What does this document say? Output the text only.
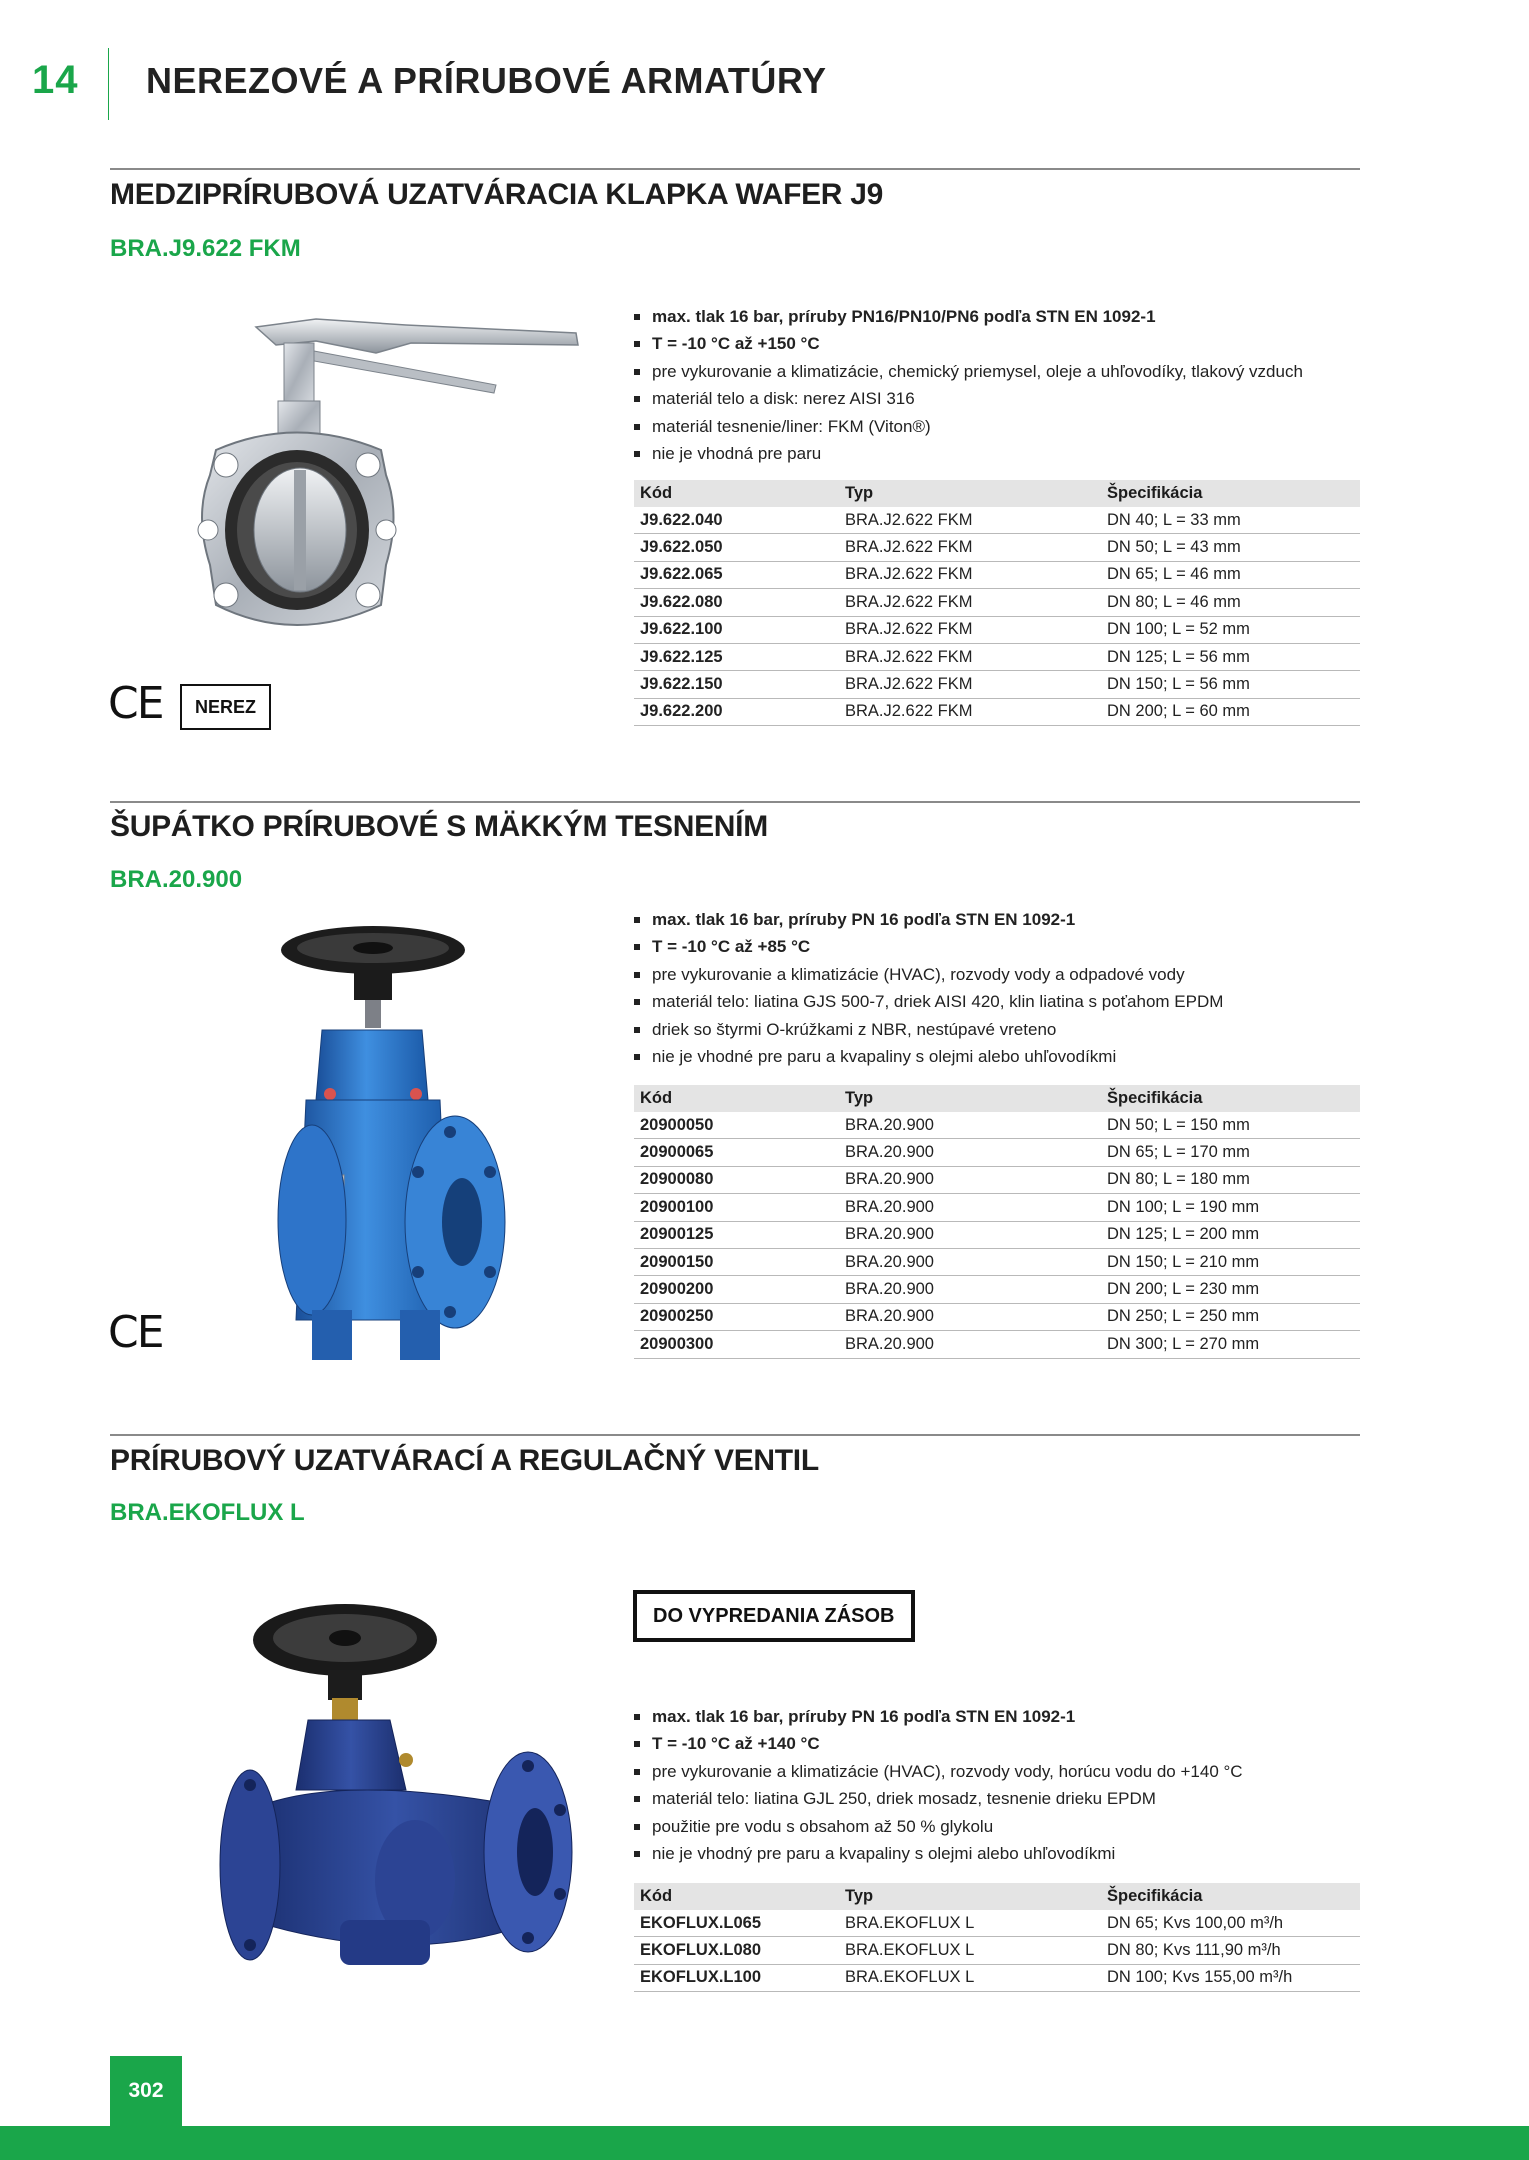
14 NEREZOVÉ A PRÍRUBOVÉ ARMATÚRY
MEDZIPRÍRUBOVÁ UZATVÁRACIA KLAPKA WAFER J9
BRA.J9.622 FKM
CE	NEREZ
max. tlak 16 bar, príruby PN16/PN10/PN6 podľa STN EN 1092-1
T = -10 °C až +150 °C
pre vykurovanie a klimatizácie, chemický priemysel, oleje a uhľovodíky, tlakový vzduch
materiál telo a disk: nerez AISI 316
materiál tesnenie/liner: FKM (Viton®)
nie je vhodná pre paru
Kód	Typ	Špecifikácia
J9.622.040	BRA.J2.622 FKM	DN 40; L = 33 mm
J9.622.050	BRA.J2.622 FKM	DN 50; L = 43 mm
J9.622.065	BRA.J2.622 FKM	DN 65; L = 46 mm
J9.622.080	BRA.J2.622 FKM	DN 80; L = 46 mm
J9.622.100	BRA.J2.622 FKM	DN 100; L = 52 mm
J9.622.125	BRA.J2.622 FKM	DN 125; L = 56 mm
J9.622.150	BRA.J2.622 FKM	DN 150; L = 56 mm
J9.622.200	BRA.J2.622 FKM	DN 200; L = 60 mm
ŠUPÁTKO PRÍRUBOVÉ S MÄKKÝM TESNENÍM
BRA.20.900
CE
max. tlak 16 bar, príruby PN 16 podľa STN EN 1092-1
T = -10 °C až +85 °C
pre vykurovanie a klimatizácie (HVAC), rozvody vody a odpadové vody
materiál telo: liatina GJS 500-7, driek AISI 420, klin liatina s poťahom EPDM
driek so štyrmi O-krúžkami z NBR, nestúpavé vreteno
nie je vhodné pre paru a kvapaliny s olejmi alebo uhľovodíkmi
Kód	Typ	Špecifikácia
20900050	BRA.20.900	DN 50; L = 150 mm
20900065	BRA.20.900	DN 65; L = 170 mm
20900080	BRA.20.900	DN 80; L = 180 mm
20900100	BRA.20.900	DN 100; L = 190 mm
20900125	BRA.20.900	DN 125; L = 200 mm
20900150	BRA.20.900	DN 150; L = 210 mm
20900200	BRA.20.900	DN 200; L = 230 mm
20900250	BRA.20.900	DN 250; L = 250 mm
20900300	BRA.20.900	DN 300; L = 270 mm
PRÍRUBOVÝ UZATVÁRACÍ A REGULAČNÝ VENTIL
BRA.EKOFLUX L
DO VYPREDANIA ZÁSOB
max. tlak 16 bar, príruby PN 16 podľa STN EN 1092-1
T = -10 °C až +140 °C
pre vykurovanie a klimatizácie (HVAC), rozvody vody, horúcu vodu do +140 °C
materiál telo: liatina GJL 250, driek mosadz, tesnenie drieku EPDM
použitie pre vodu s obsahom až 50 % glykolu
nie je vhodný pre paru a kvapaliny s olejmi alebo uhľovodíkmi
Kód	Typ	Špecifikácia
EKOFLUX.L065	BRA.EKOFLUX L	DN 65; Kvs 100,00 m³/h
EKOFLUX.L080	BRA.EKOFLUX L	DN 80; Kvs 111,90 m³/h
EKOFLUX.L100	BRA.EKOFLUX L	DN 100; Kvs 155,00 m³/h
302
